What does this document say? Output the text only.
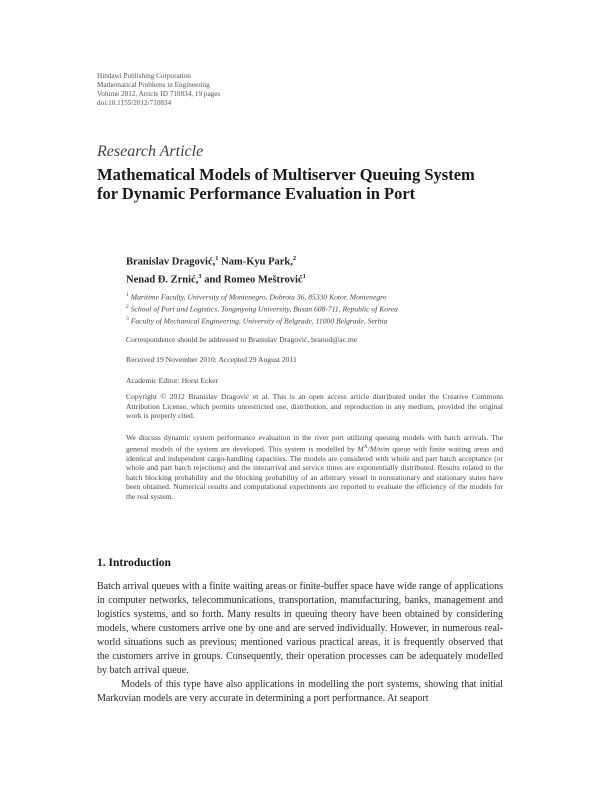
Hindawi Publishing Corporation
Mathematical Problems in Engineering
Volume 2012, Article ID 710834, 19 pages
doi:10.1155/2012/710834
Research Article
Mathematical Models of Multiserver Queuing System for Dynamic Performance Evaluation in Port
Branislav Dragović,$^1$ Nam-Kyu Park,$^2$
Nenad Đ. Zrnić,$^3$ and Romeo Meštrović$^1$
$^1$ Maritime Faculty, University of Montenegro, Dobrota 36, 85330 Kotor, Montenegro
$^2$ School of Port and Logistics, Tongmyong University, Busan 608-711, Republic of Korea
$^3$ Faculty of Mechanical Engineering, University of Belgrade, 11000 Belgrade, Serbia
Correspondence should be addressed to Branislav Dragović, branod@ac.me
Received 19 November 2010; Accepted 29 August 2011
Academic Editor: Horst Ecker
Copyright © 2012 Branislav Dragović et al. This is an open access article distributed under the Creative Commons Attribution License, which permits unrestricted use, distribution, and reproduction in any medium, provided the original work is properly cited.
We discuss dynamic system performance evaluation in the river port utilizing queuing models with batch arrivals. The general models of the system are developed. This system is modelled by $M^X/M/n/m$ queue with finite waiting areas and identical and independent cargo-handling capacities. The models are considered with whole and part batch acceptance (or whole and part batch rejections) and the interarrival and service times are exponentially distributed. Results related to the batch blocking probability and the blocking probability of an arbitrary vessel in nonstationary and stationary states have been obtained. Numerical results and computational experiments are reported to evaluate the efficiency of the models for the real system.
1. Introduction

Batch arrival queues with a finite waiting areas or finite-buffer space have wide range of applications in computer networks, telecommunications, transportation, manufacturing, banks, management and logistics systems, and so forth. Many results in queuing theory have been obtained by considering models, where customers arrive one by one and are served individually. However, in numerous real-world situations such as previous; mentioned various practical areas, it is frequently observed that the customers arrive in groups. Consequently, their operation processes can be adequately modelled by batch arrival queue.

Models of this type have also applications in modelling the port systems, showing that initial Markovian models are very accurate in determining a port performance. At seaport
